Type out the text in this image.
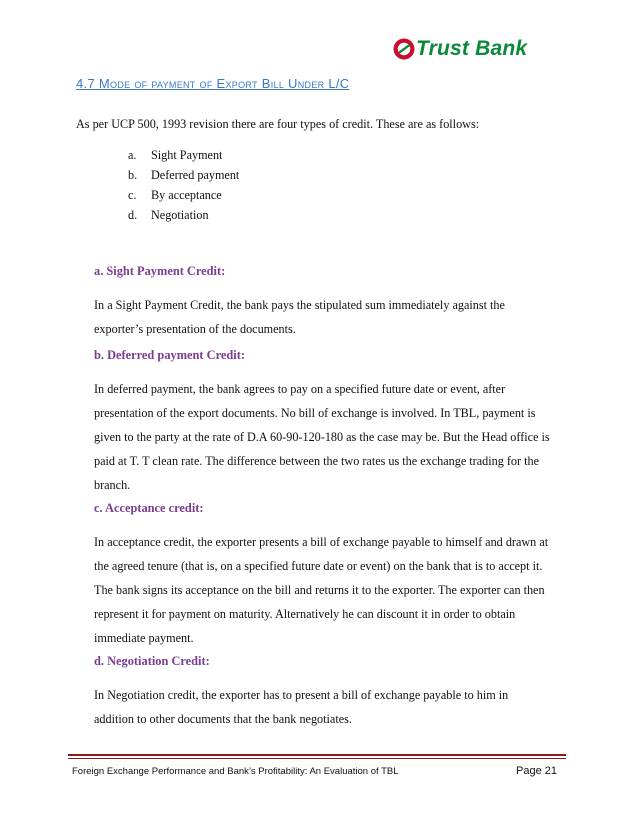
Trust Bank
4.7 Mode of payment of Export Bill Under L/C
As per UCP 500, 1993 revision there are four types of credit. These are as follows:
a. Sight Payment
b. Deferred payment
c. By acceptance
d. Negotiation
a. Sight Payment Credit:
In a Sight Payment Credit, the bank pays the stipulated sum immediately against the
exporter’s presentation of the documents.
b. Deferred payment Credit:
In deferred payment, the bank agrees to pay on a specified future date or event, after
presentation of the export documents. No bill of exchange is involved. In TBL, payment is
given to the party at the rate of D.A 60-90-120-180 as the case may be. But the Head office is
paid at T. T clean rate. The difference between the two rates us the exchange trading for the
branch.
c. Acceptance credit:
In acceptance credit, the exporter presents a bill of exchange payable to himself and drawn at
the agreed tenure (that is, on a specified future date or event) on the bank that is to accept it.
The bank signs its acceptance on the bill and returns it to the exporter. The exporter can then
represent it for payment on maturity. Alternatively he can discount it in order to obtain
immediate payment.
d. Negotiation Credit:
In Negotiation credit, the exporter has to present a bill of exchange payable to him in
addition to other documents that the bank negotiates.
Foreign Exchange Performance and Bank’s Profitability: An Evaluation of TBL	Page 21
